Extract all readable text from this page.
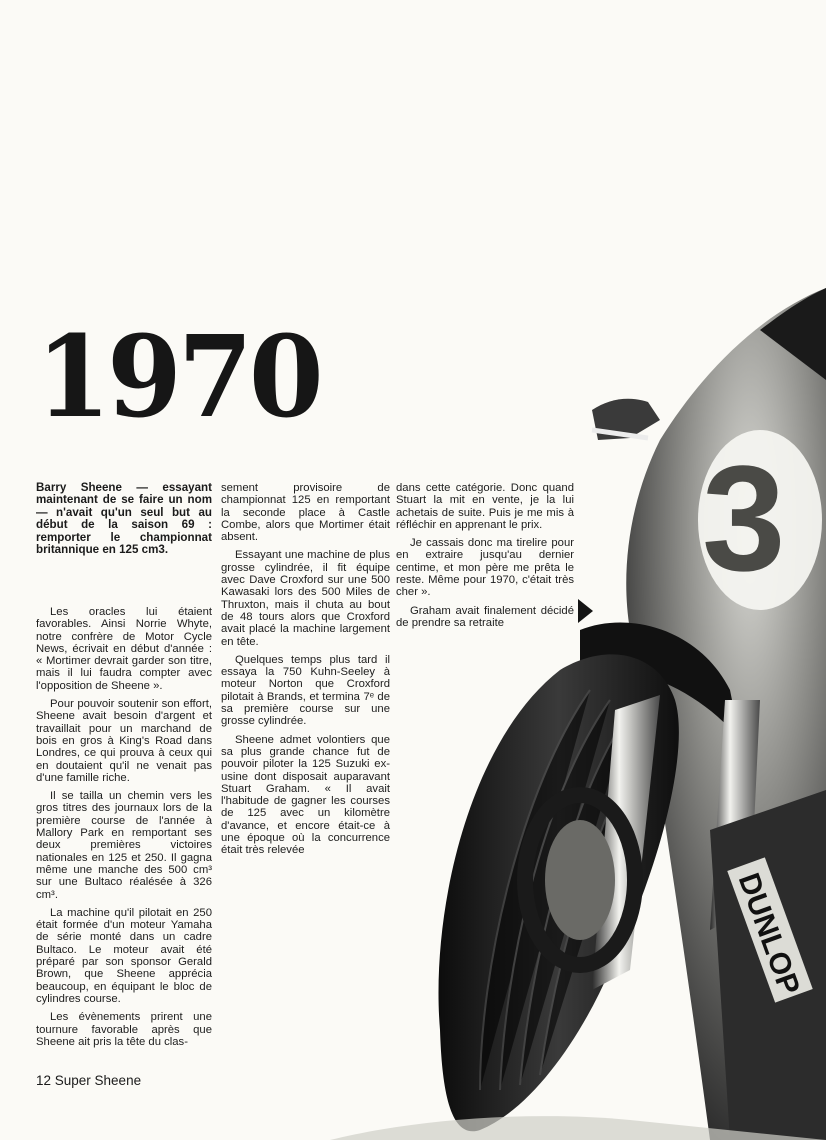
3
DUNLOP
1970
Barry Sheene — essayant maintenant de se faire un nom — n'avait qu'un seul but au début de la saison 69 : remporter le championnat britannique en 125 cm3.

Les oracles lui étaient favorables. Ainsi Norrie Whyte, notre confrère de Motor Cycle News, écrivait en début d'année : « Mortimer devrait garder son titre, mais il lui faudra compter avec l'opposition de Sheene ».

Pour pouvoir soutenir son effort, Sheene avait besoin d'argent et travaillait pour un marchand de bois en gros à King's Road dans Londres, ce qui prouva à ceux qui en doutaient qu'il ne venait pas d'une famille riche.

Il se tailla un chemin vers les gros titres des journaux lors de la première course de l'année à Mallory Park en remportant ses deux premières victoires nationales en 125 et 250. Il gagna même une manche des 500 cm³ sur une Bultaco réalésée à 326 cm³.

La machine qu'il pilotait en 250 était formée d'un moteur Yamaha de série monté dans un cadre Bultaco. Le moteur avait été préparé par son sponsor Gerald Brown, que Sheene apprécia beaucoup, en équipant le bloc de cylindres course.

Les évènements prirent une tournure favorable après que Sheene ait pris la tête du clas-

sement provisoire de championnat 125 en remportant la seconde place à Castle Combe, alors que Mortimer était absent.

Essayant une machine de plus grosse cylindrée, il fit équipe avec Dave Croxford sur une 500 Kawasaki lors des 500 Miles de Thruxton, mais il chuta au bout de 48 tours alors que Croxford avait placé la machine largement en tête.

Quelques temps plus tard il essaya la 750 Kuhn-Seeley à moteur Norton que Croxford pilotait à Brands, et termina 7ᵉ de sa première course sur une grosse cylindrée.

Sheene admet volontiers que sa plus grande chance fut de pouvoir piloter la 125 Suzuki ex-usine dont disposait auparavant Stuart Graham. « Il avait l'habitude de gagner les courses de 125 avec un kilomètre d'avance, et encore était-ce à une époque où la concurrence était très relevée

dans cette catégorie. Donc quand Stuart la mit en vente, je la lui achetais de suite. Puis je me mis à réfléchir en apprenant le prix.

Je cassais donc ma tirelire pour en extraire jusqu'au dernier centime, et mon père me prêta le reste. Même pour 1970, c'était très cher ».

Graham avait finalement décidé de prendre sa retraite

12 Super Sheene
